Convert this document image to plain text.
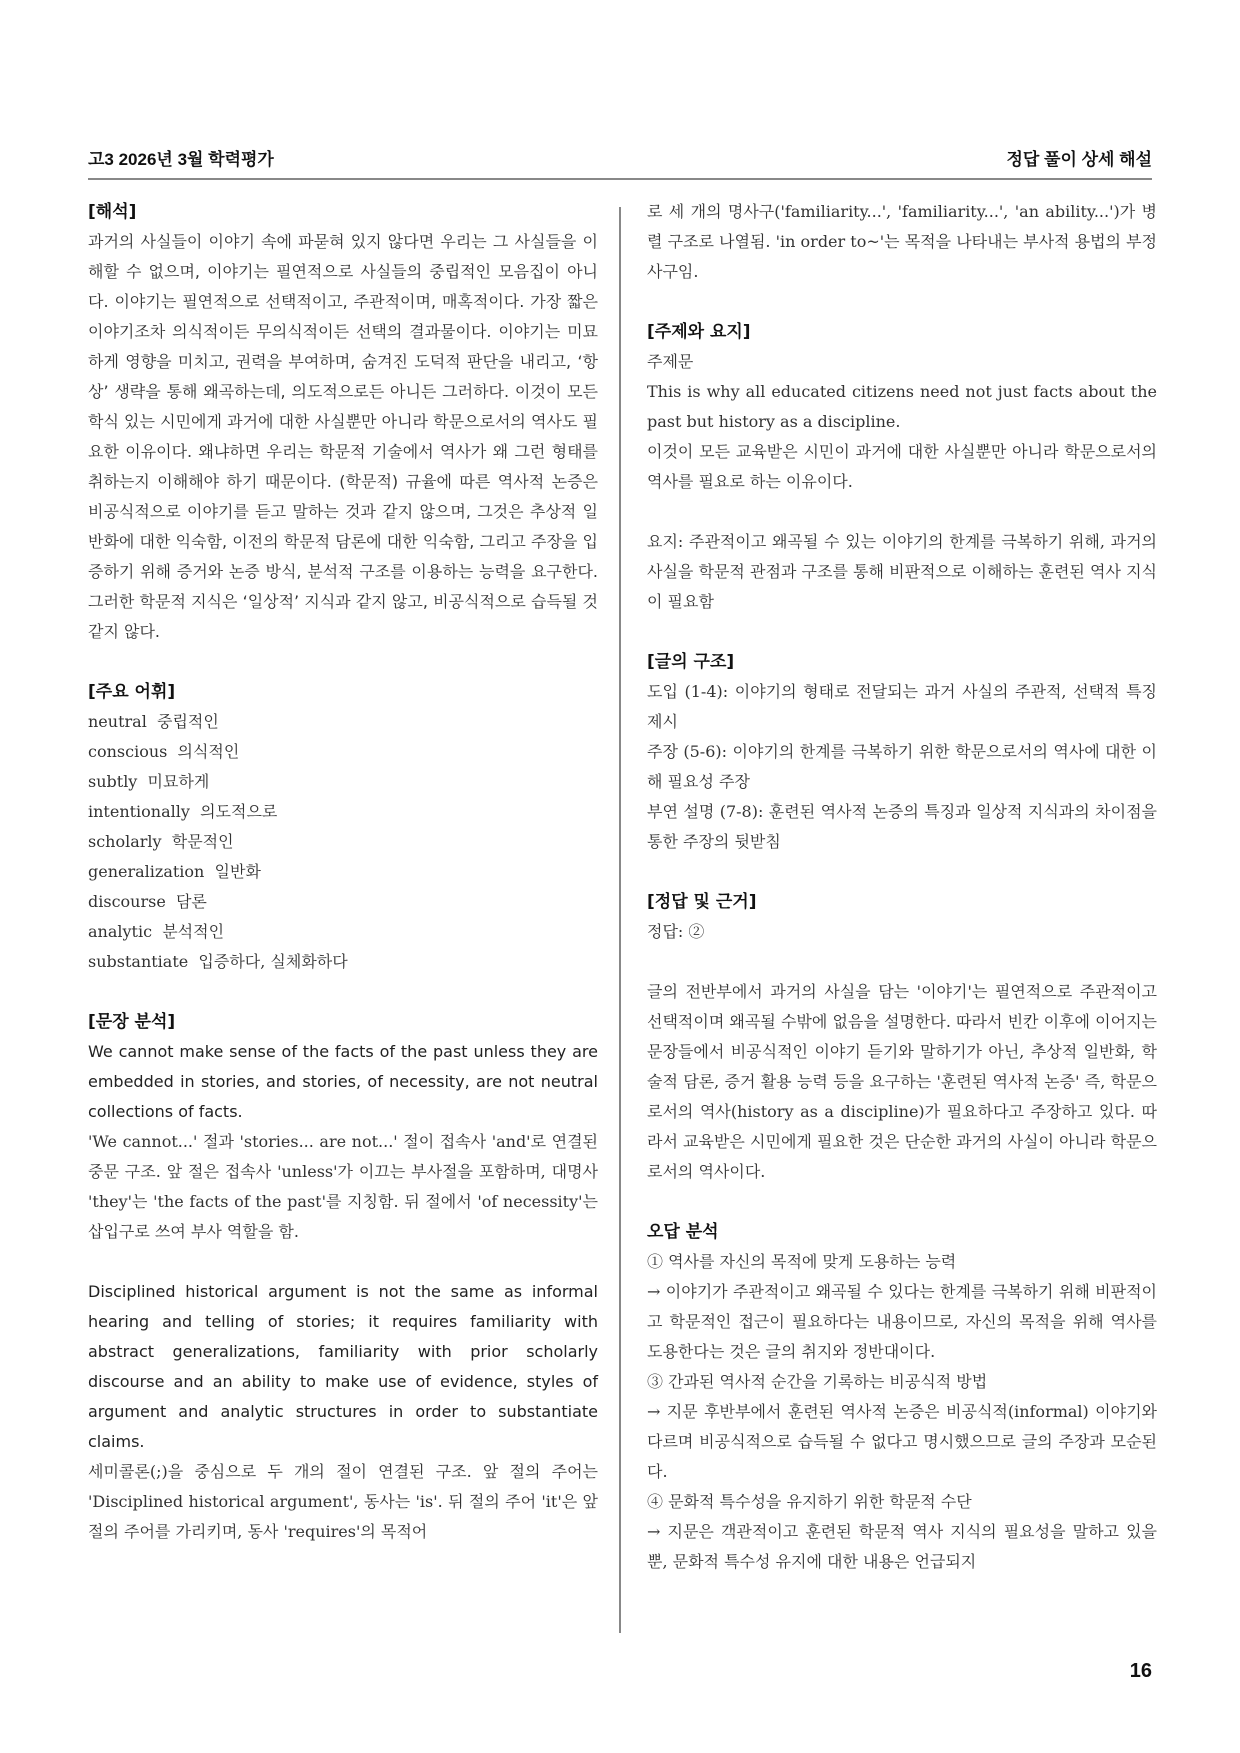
고3 2026년 3월 학력평가	정답 풀이 상세 해설
[해석]
과거의 사실들이 이야기 속에 파묻혀 있지 않다면 우리는 그 사실들을 이해할 수 없으며, 이야기는 필연적으로 사실들의 중립적인 모음집이 아니다. 이야기는 필연적으로 선택적이고, 주관적이며, 매혹적이다. 가장 짧은 이야기조차 의식적이든 무의식적이든 선택의 결과물이다. 이야기는 미묘하게 영향을 미치고, 권력을 부여하며, 숨겨진 도덕적 판단을 내리고, ‘항상’ 생략을 통해 왜곡하는데, 의도적으로든 아니든 그러하다. 이것이 모든 학식 있는 시민에게 과거에 대한 사실뿐만 아니라 학문으로서의 역사도 필요한 이유이다. 왜냐하면 우리는 학문적 기술에서 역사가 왜 그런 형태를 취하는지 이해해야 하기 때문이다. (학문적) 규율에 따른 역사적 논증은 비공식적으로 이야기를 듣고 말하는 것과 같지 않으며, 그것은 추상적 일반화에 대한 익숙함, 이전의 학문적 담론에 대한 익숙함, 그리고 주장을 입증하기 위해 증거와 논증 방식, 분석적 구조를 이용하는 능력을 요구한다. 그러한 학문적 지식은 ‘일상적’ 지식과 같지 않고, 비공식적으로 습득될 것 같지 않다.
[주요 어휘]
neutral 중립적인
conscious 의식적인
subtly 미묘하게
intentionally 의도적으로
scholarly 학문적인
generalization 일반화
discourse 담론
analytic 분석적인
substantiate 입증하다, 실체화하다
[문장 분석]
We cannot make sense of the facts of the past unless they are embedded in stories, and stories, of necessity, are not neutral collections of facts.
'We cannot...' 절과 'stories... are not...' 절이 접속사 'and'로 연결된 중문 구조. 앞 절은 접속사 'unless'가 이끄는 부사절을 포함하며, 대명사 'they'는 'the facts of the past'를 지칭함. 뒤 절에서 'of necessity'는 삽입구로 쓰여 부사 역할을 함.
Disciplined historical argument is not the same as informal hearing and telling of stories; it requires familiarity with abstract generalizations, familiarity with prior scholarly discourse and an ability to make use of evidence, styles of argument and analytic structures in order to substantiate claims.
세미콜론(;)을 중심으로 두 개의 절이 연결된 구조. 앞 절의 주어는 'Disciplined historical argument', 동사는 'is'. 뒤 절의 주어 'it'은 앞 절의 주어를 가리키며, 동사 'requires'의 목적어
로 세 개의 명사구('familiarity...', 'familiarity...', 'an ability...')가 병렬 구조로 나열됨. 'in order to~'는 목적을 나타내는 부사적 용법의 부정사구임.
[주제와 요지]
주제문
This is why all educated citizens need not just facts about the past but history as a discipline.
이것이 모든 교육받은 시민이 과거에 대한 사실뿐만 아니라 학문으로서의 역사를 필요로 하는 이유이다.
요지: 주관적이고 왜곡될 수 있는 이야기의 한계를 극복하기 위해, 과거의 사실을 학문적 관점과 구조를 통해 비판적으로 이해하는 훈련된 역사 지식이 필요함
[글의 구조]
도입 (1-4): 이야기의 형태로 전달되는 과거 사실의 주관적, 선택적 특징 제시
주장 (5-6): 이야기의 한계를 극복하기 위한 학문으로서의 역사에 대한 이해 필요성 주장
부연 설명 (7-8): 훈련된 역사적 논증의 특징과 일상적 지식과의 차이점을 통한 주장의 뒷받침
[정답 및 근거]
정답: ②
글의 전반부에서 과거의 사실을 담는 '이야기'는 필연적으로 주관적이고 선택적이며 왜곡될 수밖에 없음을 설명한다. 따라서 빈칸 이후에 이어지는 문장들에서 비공식적인 이야기 듣기와 말하기가 아닌, 추상적 일반화, 학술적 담론, 증거 활용 능력 등을 요구하는 '훈련된 역사적 논증' 즉, 학문으로서의 역사(history as a discipline)가 필요하다고 주장하고 있다. 따라서 교육받은 시민에게 필요한 것은 단순한 과거의 사실이 아니라 학문으로서의 역사이다.
오답 분석
① 역사를 자신의 목적에 맞게 도용하는 능력
→ 이야기가 주관적이고 왜곡될 수 있다는 한계를 극복하기 위해 비판적이고 학문적인 접근이 필요하다는 내용이므로, 자신의 목적을 위해 역사를 도용한다는 것은 글의 취지와 정반대이다.
③ 간과된 역사적 순간을 기록하는 비공식적 방법
→ 지문 후반부에서 훈련된 역사적 논증은 비공식적(informal) 이야기와 다르며 비공식적으로 습득될 수 없다고 명시했으므로 글의 주장과 모순된다.
④ 문화적 특수성을 유지하기 위한 학문적 수단
→ 지문은 객관적이고 훈련된 학문적 역사 지식의 필요성을 말하고 있을 뿐, 문화적 특수성 유지에 대한 내용은 언급되지
16
